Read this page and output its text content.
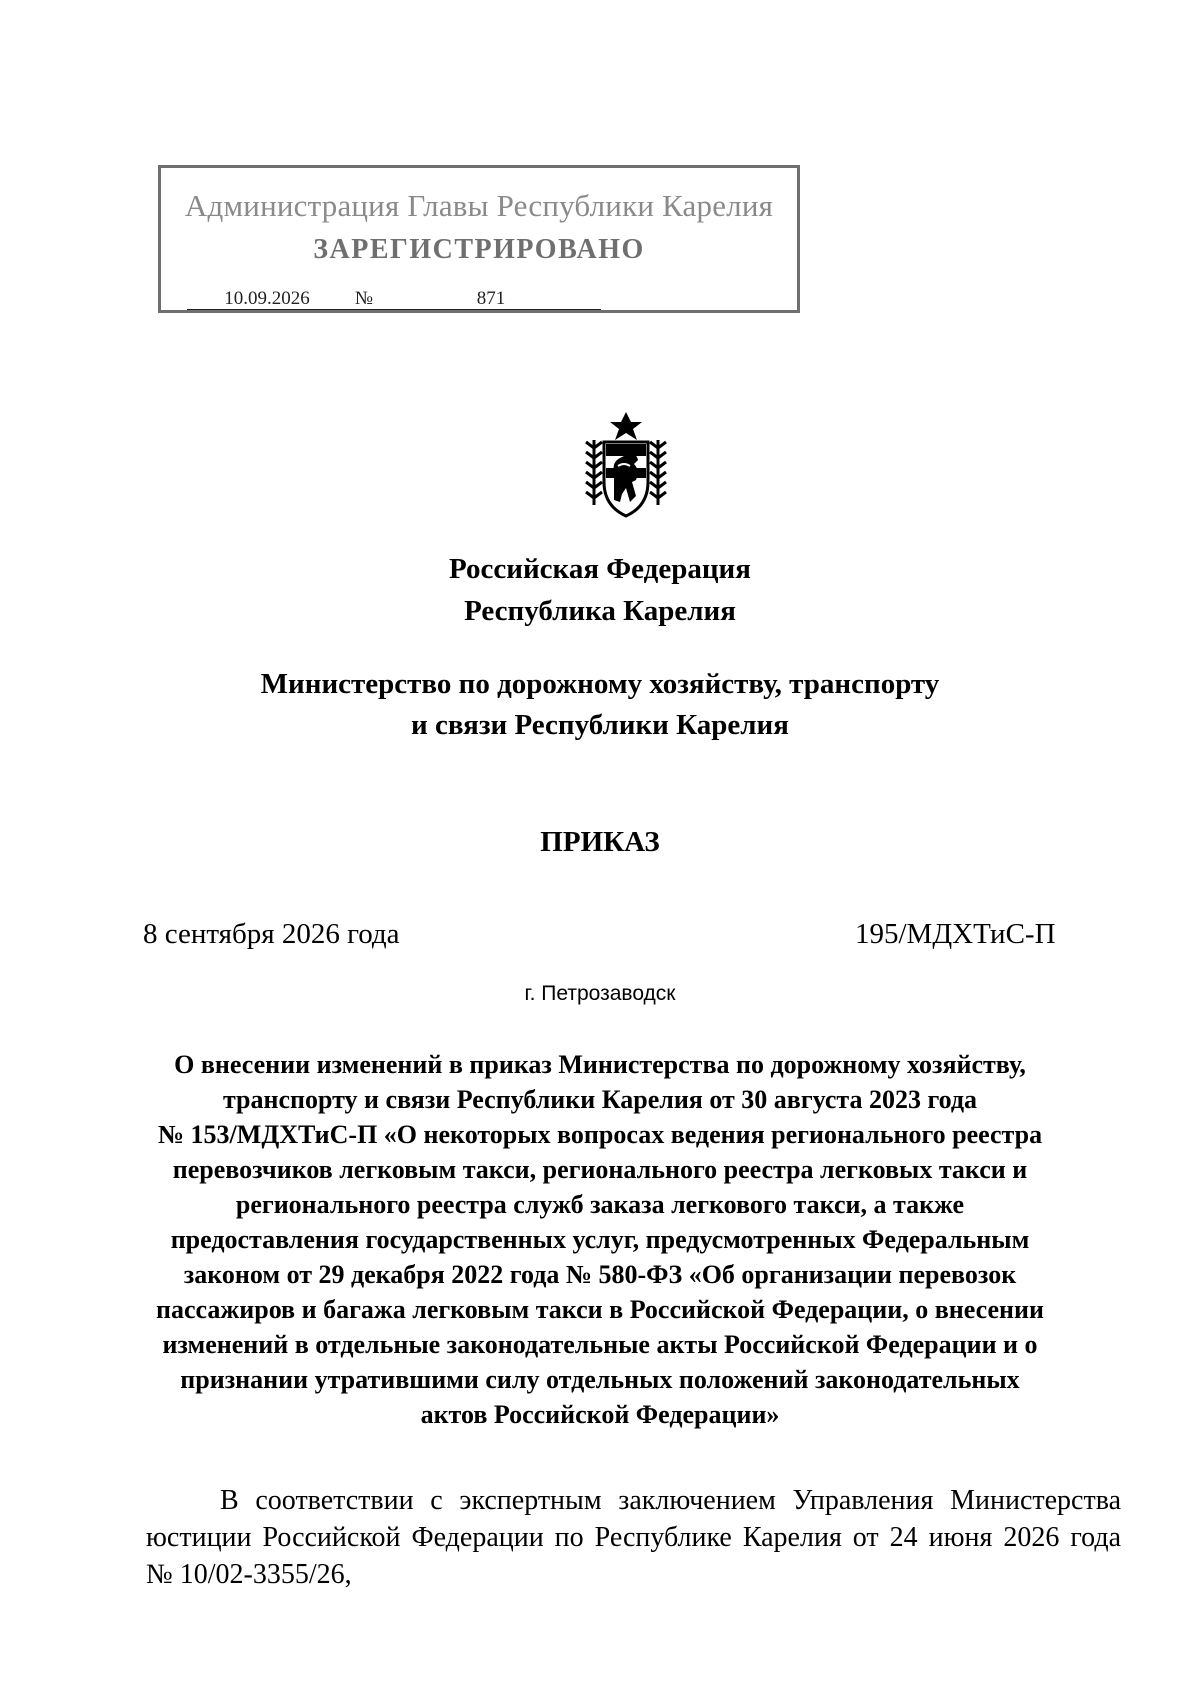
Администрация Главы Республики Карелия
ЗАРЕГИСТРИРОВАНО
10.09.2026 №	871
Российская Федерация
Республика Карелия
Министерство по дорожному хозяйству, транспорту
и связи Республики Карелия
ПРИКАЗ
8 сентября 2026 года	195/МДХТиС-П
г. Петрозаводск
О внесении изменений в приказ Министерства по дорожному хозяйству,
транспорту и связи Республики Карелия от 30 августа 2023 года
№ 153/МДХТиС-П «О некоторых вопросах ведения регионального реестра
перевозчиков легковым такси, регионального реестра легковых такси и
регионального реестра служб заказа легкового такси, а также
предоставления государственных услуг, предусмотренных Федеральным
законом от 29 декабря 2022 года № 580-ФЗ «Об организации перевозок
пассажиров и багажа легковым такси в Российской Федерации, о внесении
изменений в отдельные законодательные акты Российской Федерации и о
признании утратившими силу отдельных положений законодательных
актов Российской Федерации»
В соответствии с экспертным заключением Управления Министерства
юстиции Российской Федерации по Республике Карелия от 24 июня 2026 года
№ 10/02-3355/26,
